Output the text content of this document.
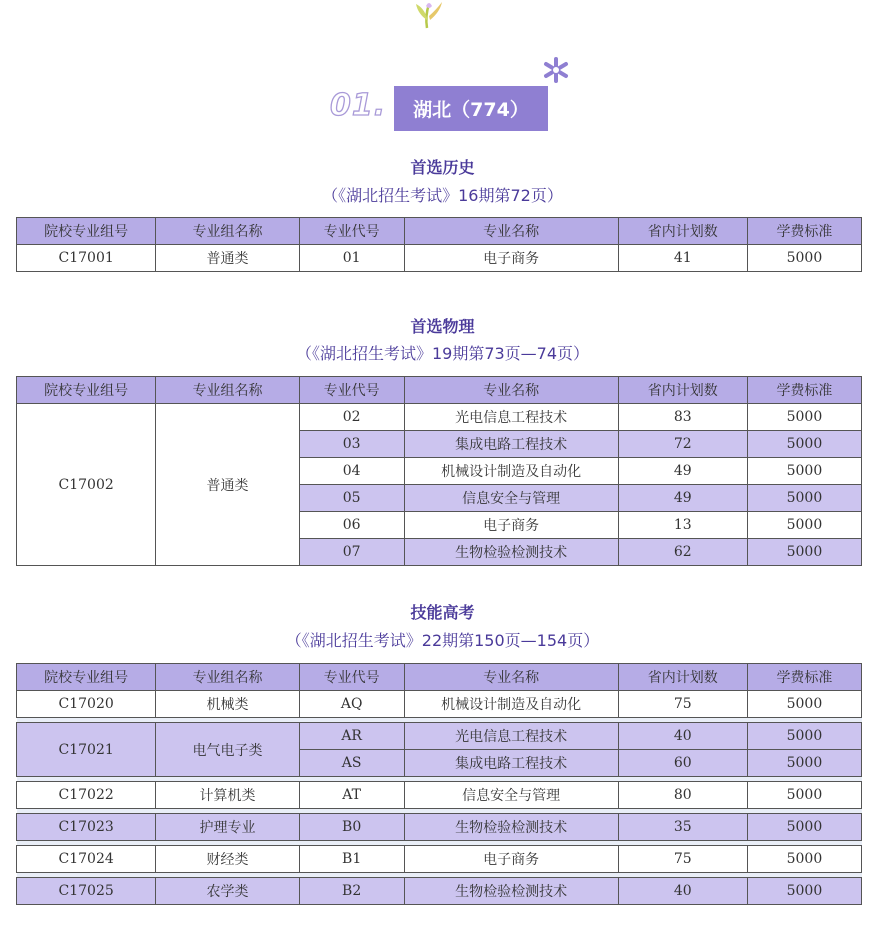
01.	湖北（774）
首选历史
（《湖北招生考试》16期第72页）
院校专业组号	专业组名称	专业代号	专业名称	省内计划数	学费标准
C17001	普通类	01	电子商务	41	5000
首选物理
（《湖北招生考试》19期第73页—74页）
院校专业组号	专业组名称	专业代号	专业名称	省内计划数	学费标准
C17002	普通类	02	光电信息工程技术	83	5000
		03	集成电路工程技术	72	5000
		04	机械设计制造及自动化	49	5000
		05	信息安全与管理	49	5000
		06	电子商务	13	5000
		07	生物检验检测技术	62	5000
技能高考
（《湖北招生考试》22期第150页—154页）
院校专业组号	专业组名称	专业代号	专业名称	省内计划数	学费标准
C17020	机械类	AQ	机械设计制造及自动化	75	5000

C17021	电气电子类	AR	光电信息工程技术	40	5000
		AS	集成电路工程技术	60	5000

C17022	计算机类	AT	信息安全与管理	80	5000

C17023	护理专业	B0	生物检验检测技术	35	5000

C17024	财经类	B1	电子商务	75	5000

C17025	农学类	B2	生物检验检测技术	40	5000
